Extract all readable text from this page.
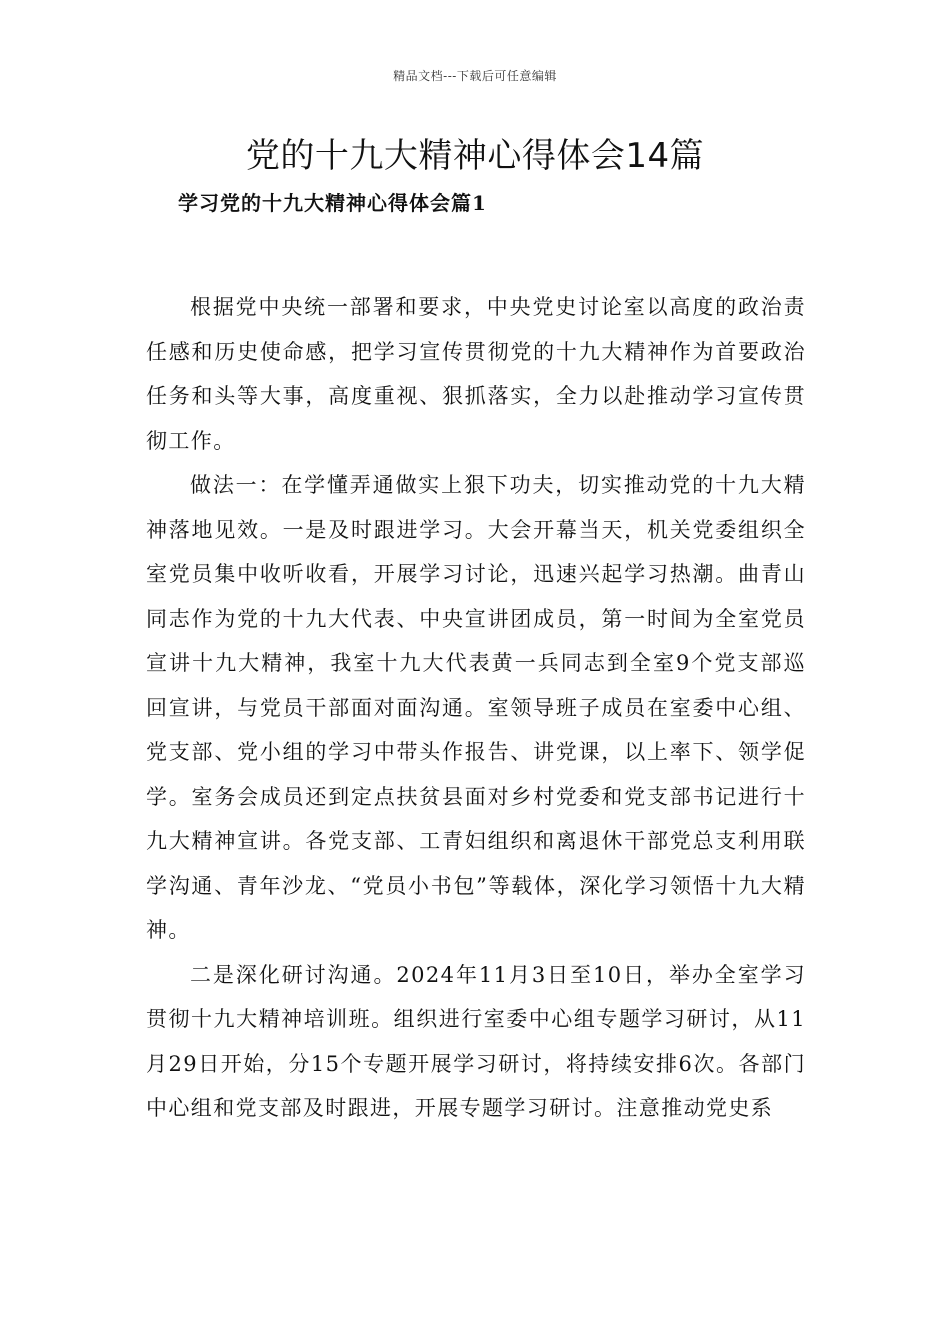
精品文档---下载后可任意编辑
党的十九大精神心得体会14篇
学习党的十九大精神心得体会篇1

根据党中央统一部署和要求，中央党史讨论室以高度的政治责任感和历史使命感，把学习宣传贯彻党的十九大精神作为首要政治任务和头等大事，高度重视、狠抓落实，全力以赴推动学习宣传贯彻工作。

做法一：在学懂弄通做实上狠下功夫，切实推动党的十九大精神落地见效。一是及时跟进学习。大会开幕当天，机关党委组织全室党员集中收听收看，开展学习讨论，迅速兴起学习热潮。曲青山同志作为党的十九大代表、中央宣讲团成员，第一时间为全室党员宣讲十九大精神，我室十九大代表黄一兵同志到全室9个党支部巡回宣讲，与党员干部面对面沟通。室领导班子成员在室委中心组、党支部、党小组的学习中带头作报告、讲党课，以上率下、领学促学。室务会成员还到定点扶贫县面对乡村党委和党支部书记进行十九大精神宣讲。各党支部、工青妇组织和离退休干部党总支利用联学沟通、青年沙龙、“党员小书包”等载体，深化学习领悟十九大精神。

二是深化研讨沟通。2024年11月3日至10日，举办全室学习贯彻十九大精神培训班。组织进行室委中心组专题学习研讨，从11月29日开始，分15个专题开展学习研讨，将持续安排6次。各部门中心组和党支部及时跟进，开展专题学习研讨。注意推动党史系
